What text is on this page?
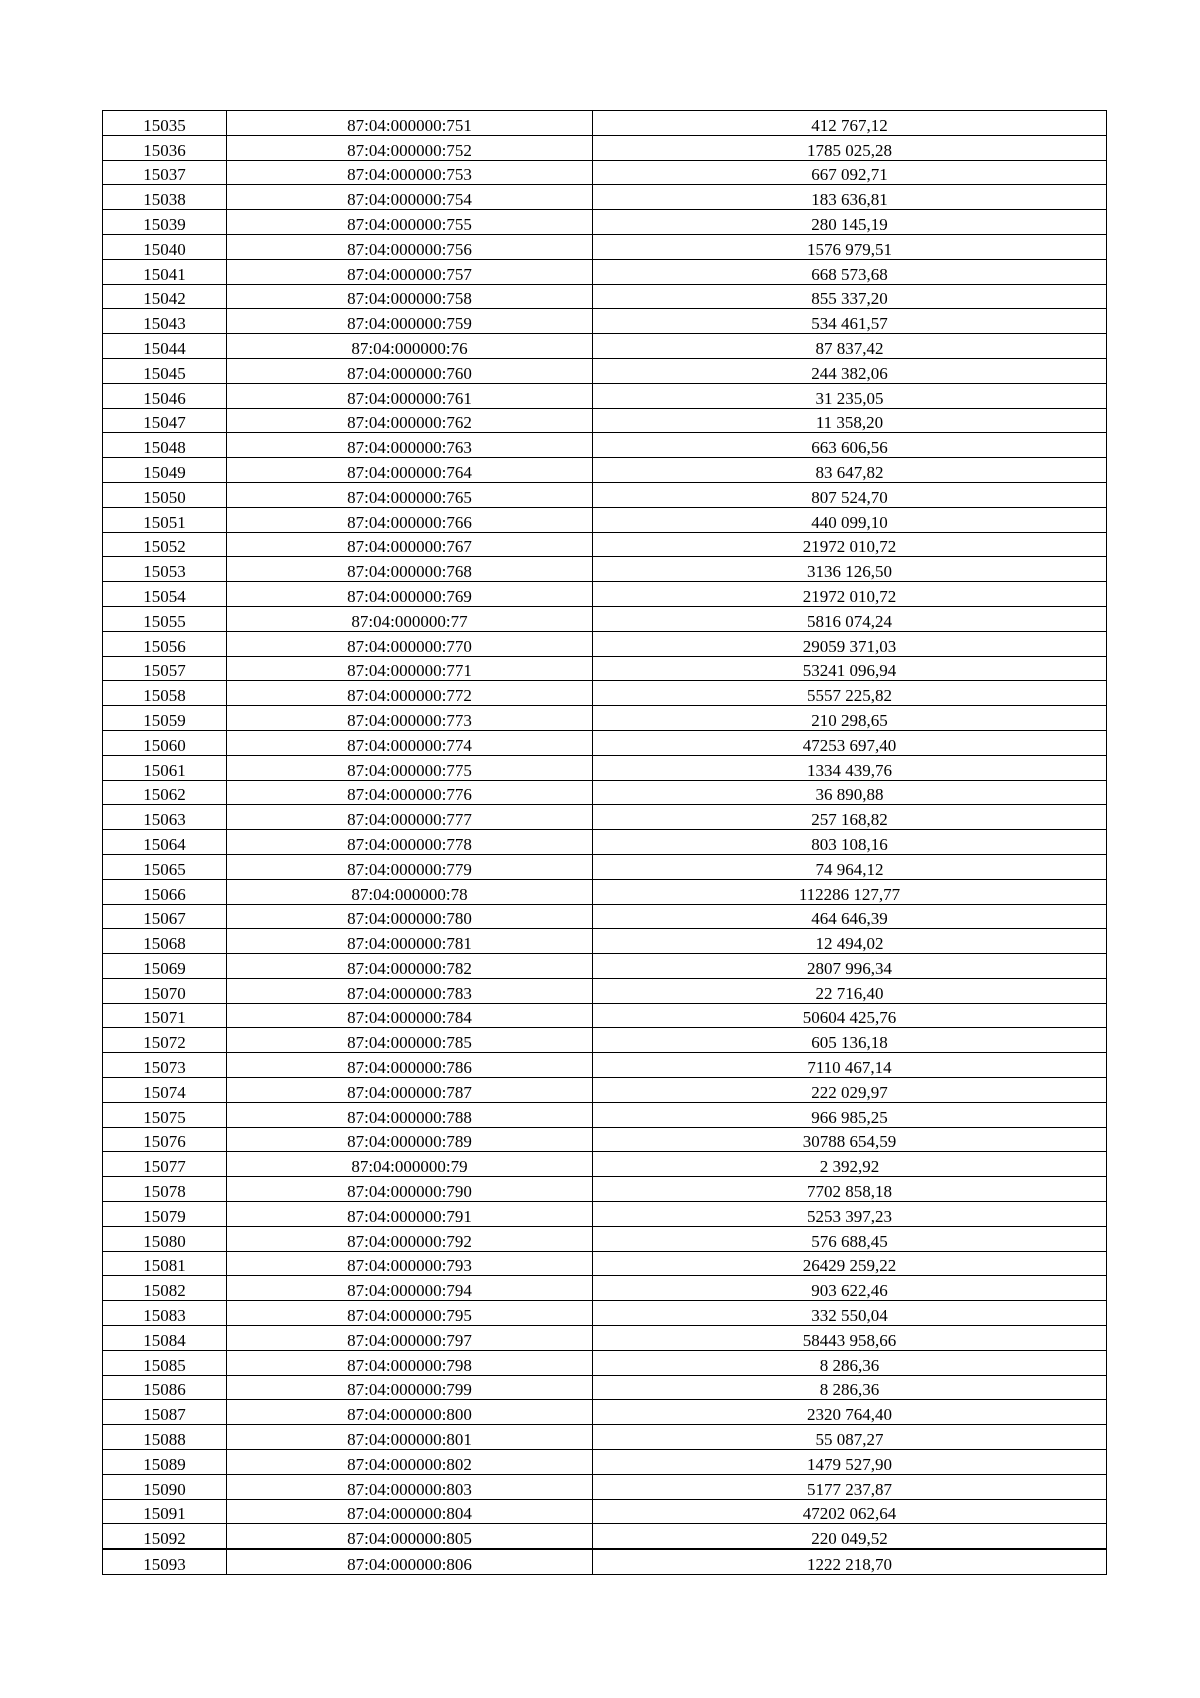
15035	87:04:000000:751	412 767,12
15036	87:04:000000:752	1785 025,28
15037	87:04:000000:753	667 092,71
15038	87:04:000000:754	183 636,81
15039	87:04:000000:755	280 145,19
15040	87:04:000000:756	1576 979,51
15041	87:04:000000:757	668 573,68
15042	87:04:000000:758	855 337,20
15043	87:04:000000:759	534 461,57
15044	87:04:000000:76	87 837,42
15045	87:04:000000:760	244 382,06
15046	87:04:000000:761	31 235,05
15047	87:04:000000:762	11 358,20
15048	87:04:000000:763	663 606,56
15049	87:04:000000:764	83 647,82
15050	87:04:000000:765	807 524,70
15051	87:04:000000:766	440 099,10
15052	87:04:000000:767	21972 010,72
15053	87:04:000000:768	3136 126,50
15054	87:04:000000:769	21972 010,72
15055	87:04:000000:77	5816 074,24
15056	87:04:000000:770	29059 371,03
15057	87:04:000000:771	53241 096,94
15058	87:04:000000:772	5557 225,82
15059	87:04:000000:773	210 298,65
15060	87:04:000000:774	47253 697,40
15061	87:04:000000:775	1334 439,76
15062	87:04:000000:776	36 890,88
15063	87:04:000000:777	257 168,82
15064	87:04:000000:778	803 108,16
15065	87:04:000000:779	74 964,12
15066	87:04:000000:78	112286 127,77
15067	87:04:000000:780	464 646,39
15068	87:04:000000:781	12 494,02
15069	87:04:000000:782	2807 996,34
15070	87:04:000000:783	22 716,40
15071	87:04:000000:784	50604 425,76
15072	87:04:000000:785	605 136,18
15073	87:04:000000:786	7110 467,14
15074	87:04:000000:787	222 029,97
15075	87:04:000000:788	966 985,25
15076	87:04:000000:789	30788 654,59
15077	87:04:000000:79	2 392,92
15078	87:04:000000:790	7702 858,18
15079	87:04:000000:791	5253 397,23
15080	87:04:000000:792	576 688,45
15081	87:04:000000:793	26429 259,22
15082	87:04:000000:794	903 622,46
15083	87:04:000000:795	332 550,04
15084	87:04:000000:797	58443 958,66
15085	87:04:000000:798	8 286,36
15086	87:04:000000:799	8 286,36
15087	87:04:000000:800	2320 764,40
15088	87:04:000000:801	55 087,27
15089	87:04:000000:802	1479 527,90
15090	87:04:000000:803	5177 237,87
15091	87:04:000000:804	47202 062,64
15092	87:04:000000:805	220 049,52
15093	87:04:000000:806	1222 218,70
